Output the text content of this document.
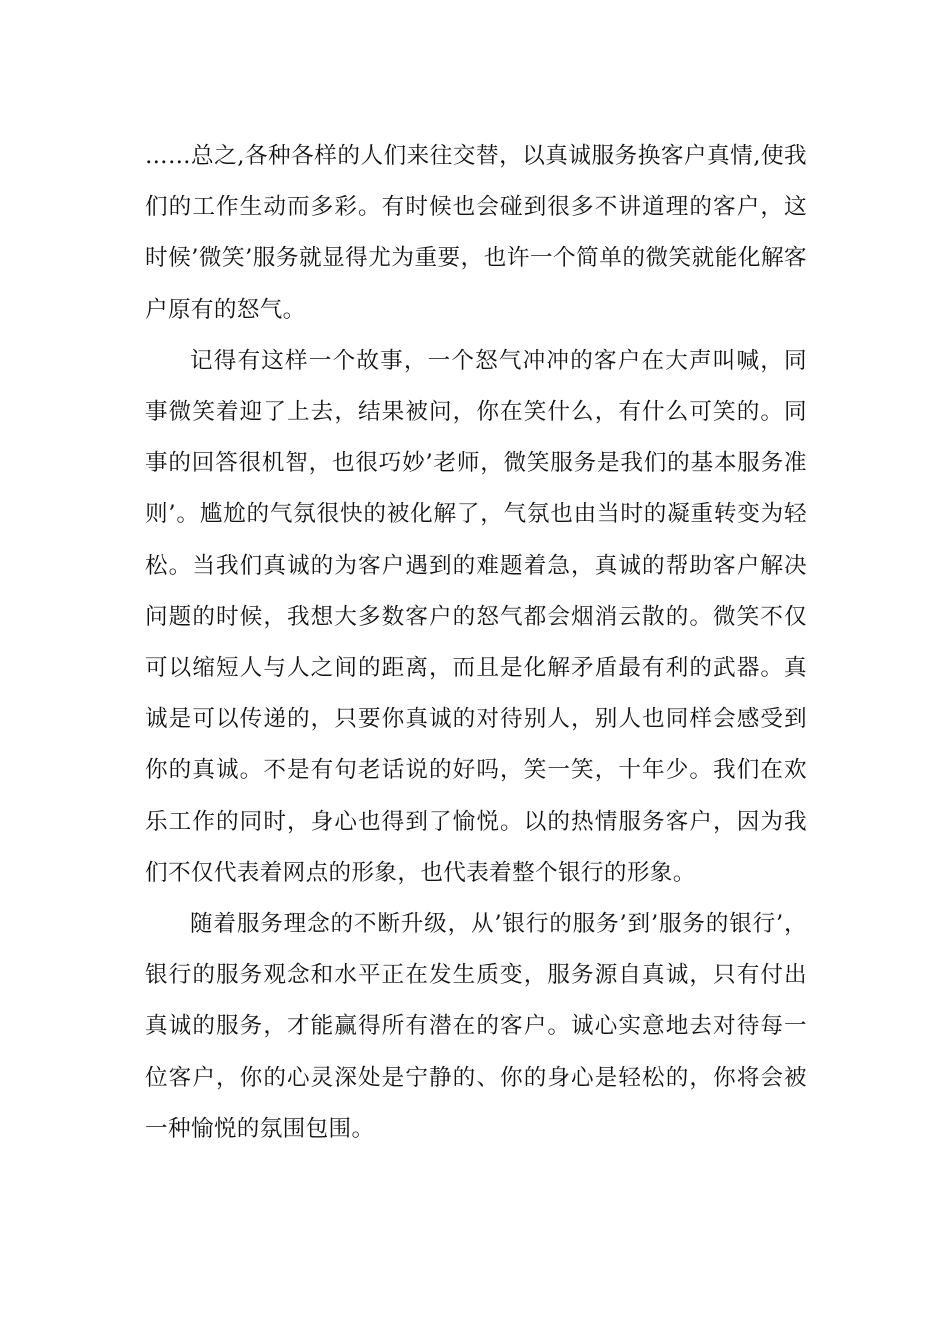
……总之,各种各样的人们来往交替，以真诚服务换客户真情,使我们的工作生动而多彩。有时候也会碰到很多不讲道理的客户，这时候’微笑’服务就显得尤为重要，也许一个简单的微笑就能化解客户原有的怒气。

记得有这样一个故事，一个怒气冲冲的客户在大声叫喊，同事微笑着迎了上去，结果被问，你在笑什么，有什么可笑的。同事的回答很机智，也很巧妙’老师，微笑服务是我们的基本服务准则’。尴尬的气氛很快的被化解了，气氛也由当时的凝重转变为轻松。当我们真诚的为客户遇到的难题着急，真诚的帮助客户解决问题的时候，我想大多数客户的怒气都会烟消云散的。微笑不仅可以缩短人与人之间的距离，而且是化解矛盾最有利的武器。真诚是可以传递的，只要你真诚的对待别人，别人也同样会感受到你的真诚。不是有句老话说的好吗，笑一笑，十年少。我们在欢乐工作的同时，身心也得到了愉悦。以的热情服务客户，因为我们不仅代表着网点的形象，也代表着整个银行的形象。

随着服务理念的不断升级，从’银行的服务’到’服务的银行’，银行的服务观念和水平正在发生质变，服务源自真诚，只有付出真诚的服务，才能赢得所有潜在的客户。诚心实意地去对待每一位客户，你的心灵深处是宁静的、你的身心是轻松的，你将会被一种愉悦的氛围包围。
